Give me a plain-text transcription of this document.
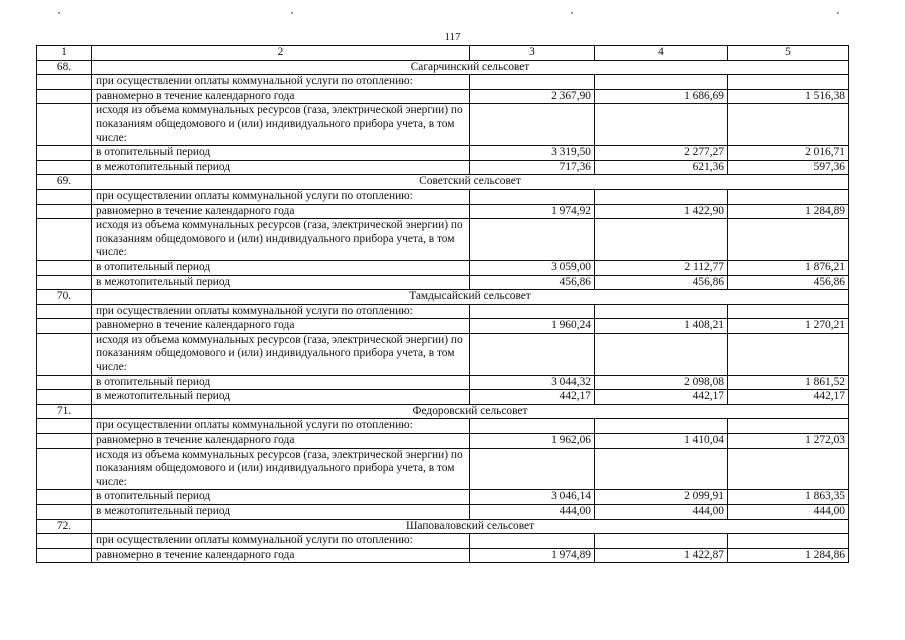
117
1	2	3	4	5
68.	Сагарчинский сельсовет			
	при осуществлении оплаты коммунальной услуги по отоплению:			
	равномерно в течение календарного года	2 367,90	1 686,69	1 516,38
	исходя из объема коммунальных ресурсов (газа, электрической энергии) по показаниям общедомового и (или) индивидуального прибора учета, в том числе:			
	в отопительный период	3 319,50	2 277,27	2 016,71
	в межотопительный период	717,36	621,36	597,36
69.	Советский сельсовет			
	при осуществлении оплаты коммунальной услуги по отоплению:			
	равномерно в течение календарного года	1 974,92	1 422,90	1 284,89
	исходя из объема коммунальных ресурсов (газа, электрической энергии) по показаниям общедомового и (или) индивидуального прибора учета, в том числе:			
	в отопительный период	3 059,00	2 112,77	1 876,21
	в межотопительный период	456,86	456,86	456,86
70.	Тамдысайский сельсовет			
	при осуществлении оплаты коммунальной услуги по отоплению:			
	равномерно в течение календарного года	1 960,24	1 408,21	1 270,21
	исходя из объема коммунальных ресурсов (газа, электрической энергии) по показаниям общедомового и (или) индивидуального прибора учета, в том числе:			
	в отопительный период	3 044,32	2 098,08	1 861,52
	в межотопительный период	442,17	442,17	442,17
71.	Федоровский сельсовет			
	при осуществлении оплаты коммунальной услуги по отоплению:			
	равномерно в течение календарного года	1 962,06	1 410,04	1 272,03
	исходя из объема коммунальных ресурсов (газа, электрической энергии) по показаниям общедомового и (или) индивидуального прибора учета, в том числе:			
	в отопительный период	3 046,14	2 099,91	1 863,35
	в межотопительный период	444,00	444,00	444,00
72.	Шаповаловский сельсовет			
	при осуществлении оплаты коммунальной услуги по отоплению:			
	равномерно в течение календарного года	1 974,89	1 422,87	1 284,86
